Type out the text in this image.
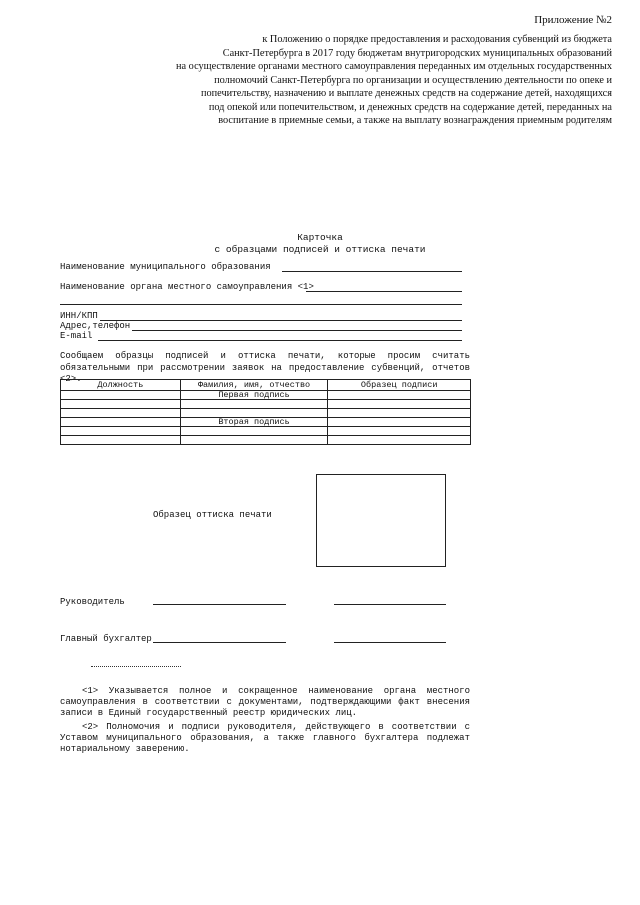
Приложение №2
к Положению о порядке предоставления и расходования субвенций из бюджета
Санкт-Петербурга в 2017 году бюджетам внутригородских муниципальных образований
на осуществление органами местного самоуправления переданных им отдельных государственных
полномочий Санкт-Петербурга по организации и осуществлению деятельности по опеке и
попечительству, назначению и выплате денежных средств на содержание детей, находящихся
под опекой или попечительством, и денежных средств на содержание детей, переданных на
воспитание в приемные семьи, а также на выплату вознаграждения приемным родителям
Карточка
с образцами подписей и оттиска печати
Наименование муниципального образования
Наименование органа местного самоуправления <1>
ИНН/КПП
Адрес,телефон
E-mail
Сообщаем образцы подписей и оттиска печати, которые просим считать обязательными при рассмотрении заявок на предоставление субвенций, отчетов <2>.
Должность	Фамилия, имя, отчество	Образец подписи
	Первая подпись	

	Вторая подпись	

Образец оттиска печати
Руководитель
Главный бухгалтер
<1> Указывается полное и сокращенное наименование органа местного самоуправления в соответствии с документами, подтверждающими факт внесения записи в Единый государственный реестр юридических лиц.
<2> Полномочия и подписи руководителя, действующего в соответствии с Уставом муниципального образования, а также главного бухгалтера подлежат нотариальному заверению.
